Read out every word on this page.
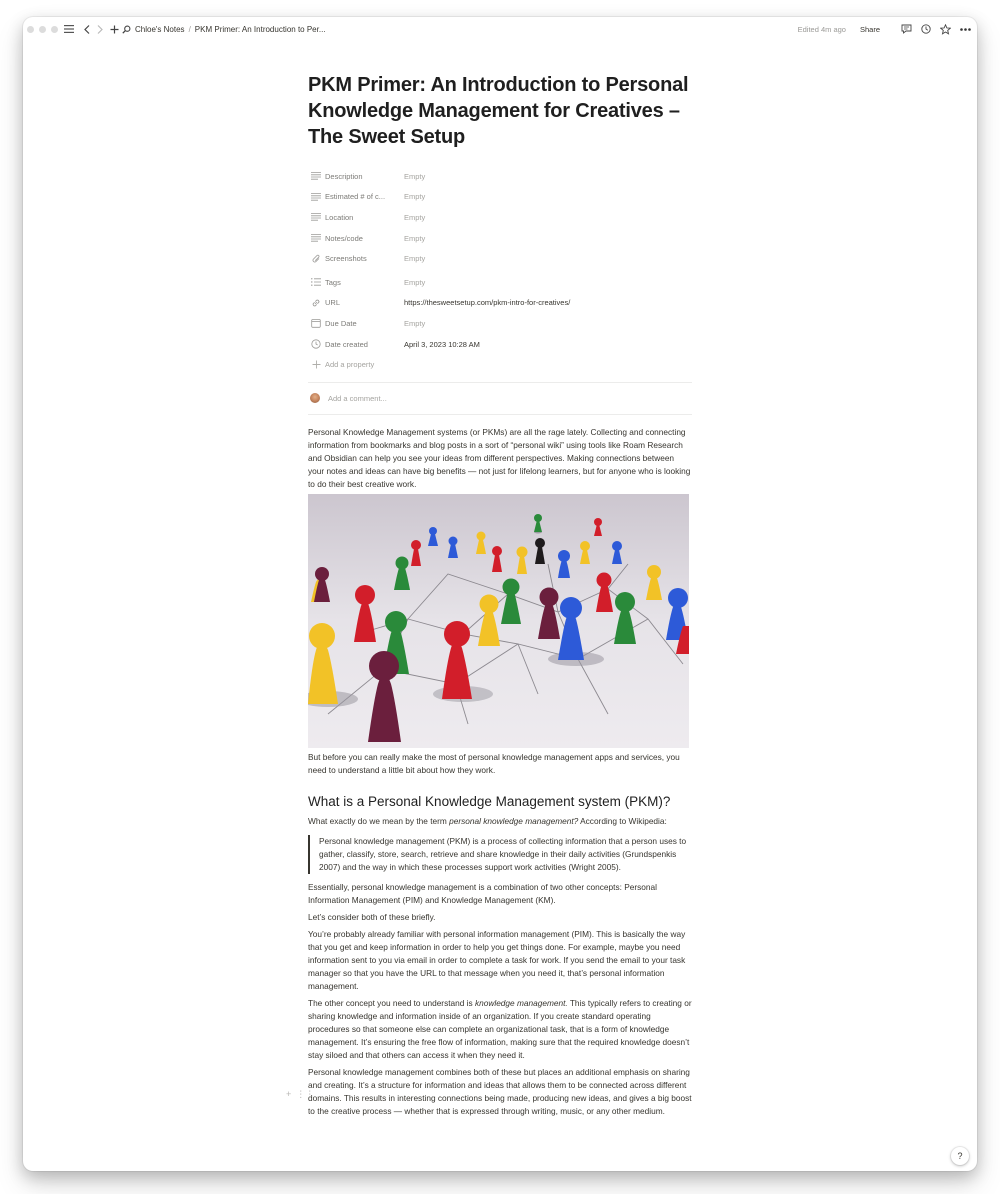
Chloe's Notes / PKM Primer: An Introduction to Per...	Edited 4m ago Share
PKM Primer: An Introduction to Personal Knowledge Management for Creatives – The Sweet Setup
Description	Empty
Estimated # of c...	Empty
Location	Empty
Notes/code	Empty
Screenshots	Empty
Tags	Empty
URL	https://thesweetsetup.com/pkm-intro-for-creatives/
Due Date	Empty
Date created	April 3, 2023 10:28 AM
Add a property
Add a comment...

Personal Knowledge Management systems (or PKMs) are all the rage lately. Collecting and connecting information from bookmarks and blog posts in a sort of “personal wiki” using tools like Roam Research and Obsidian can help you see your ideas from different perspectives. Making connections between your notes and ideas can have big benefits — not just for lifelong learners, but for anyone who is looking to do their best creative work.

But before you can really make the most of personal knowledge management apps and services, you need to understand a little bit about how they work.

What is a Personal Knowledge Management system (PKM)?

What exactly do we mean by the term personal knowledge management? According to Wikipedia:

Personal knowledge management (PKM) is a process of collecting information that a person uses to gather, classify, store, search, retrieve and share knowledge in their daily activities (Grundspenkis 2007) and the way in which these processes support work activities (Wright 2005).

Essentially, personal knowledge management is a combination of two other concepts: Personal Information Management (PIM) and Knowledge Management (KM).

Let’s consider both of these briefly.

You’re probably already familiar with personal information management (PIM). This is basically the way that you get and keep information in order to help you get things done. For example, maybe you need information sent to you via email in order to complete a task for work. If you send the email to your task manager so that you have the URL to that message when you need it, that’s personal information management.

The other concept you need to understand is knowledge management. This typically refers to creating or sharing knowledge and information inside of an organization. If you create standard operating procedures so that someone else can complete an organizational task, that is a form of knowledge management. It’s ensuring the free flow of information, making sure that the required knowledge doesn’t stay siloed and that others can access it when they need it.

Personal knowledge management combines both of these but places an additional emphasis on sharing and creating. It’s a structure for information and ideas that allows them to be connected across different domains. This results in interesting connections being made, producing new ideas, and gives a big boost to the creative process — whether that is expressed through writing, music, or any other medium.

+ ⋮⋮
?
